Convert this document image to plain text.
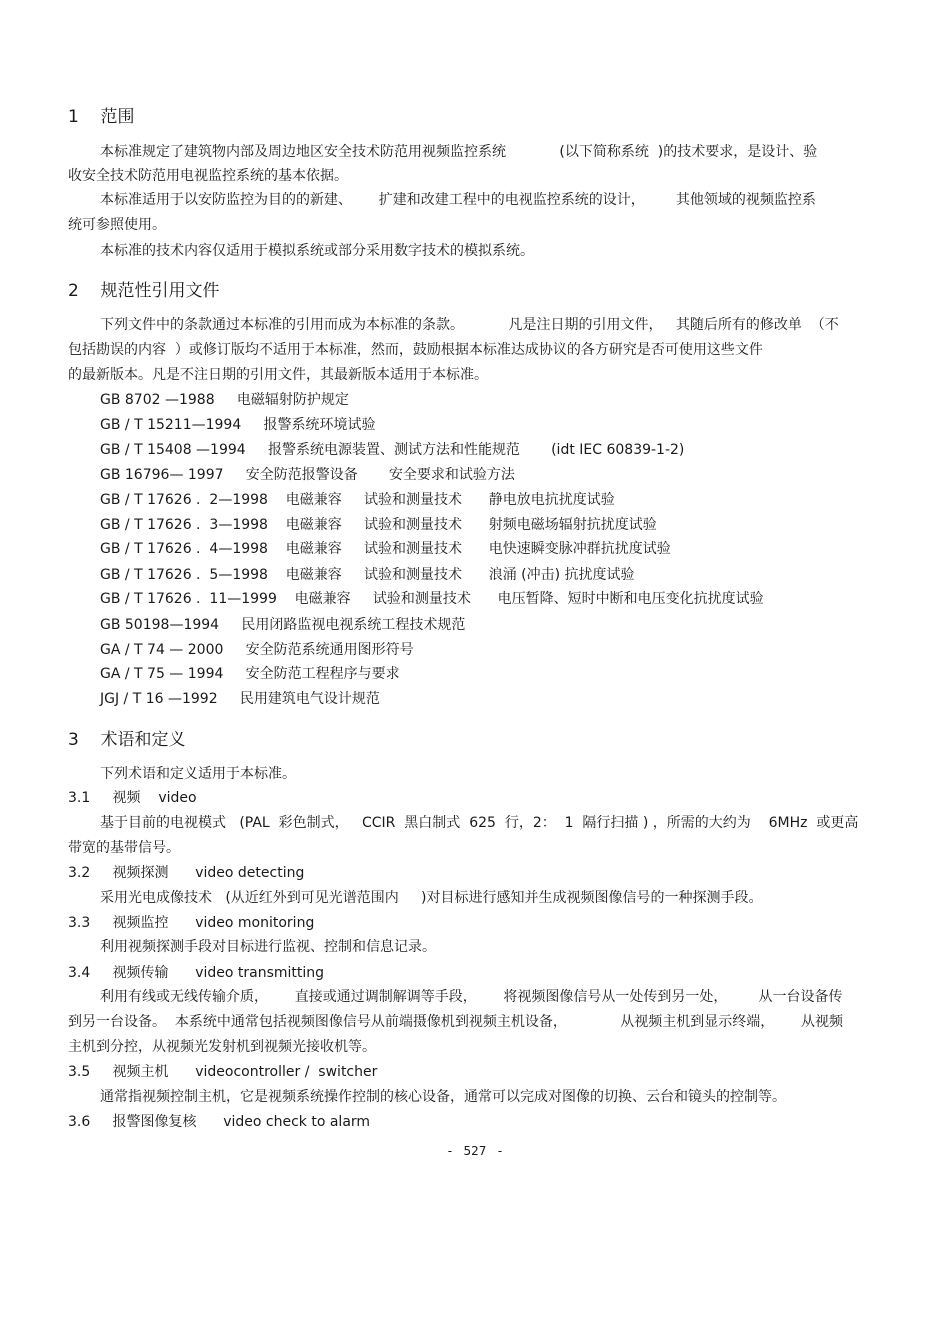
1 范围
本标准规定了建筑物内部及周边地区安全技术防范用视频监控系统            (以下简称系统  )的技术要求，是设计、验
收安全技术防范用电视监控系统的基本依据。
本标准适用于以安防监控为目的的新建、      扩建和改建工程中的电视监控系统的设计，       其他领域的视频监控系
统可参照使用。
本标准的技术内容仅适用于模拟系统或部分采用数字技术的模拟系统。
2 规范性引用文件
下列文件中的条款通过本标准的引用而成为本标准的条款。          凡是注日期的引用文件，   其随后所有的修改单  （不
包括勘误的内容  ）或修订版均不适用于本标准，然而，鼓励根据本标准达成协议的各方研究是否可使用这些文件
的最新版本。凡是不注日期的引用文件，其最新版本适用于本标准。
GB 8702 —1988     电磁辐射防护规定
GB / T 15211—1994     报警系统环境试验
GB / T 15408 —1994     报警系统电源装置、测试方法和性能规范       (idt IEC 60839-1-2)
GB 16796— 1997     安全防范报警设备       安全要求和试验方法
GB / T 17626 .  2—1998    电磁兼容     试验和测量技术      静电放电抗扰度试验
GB / T 17626 .  3—1998    电磁兼容     试验和测量技术      射频电磁场辐射抗扰度试验
GB / T 17626 .  4—1998    电磁兼容     试验和测量技术      电快速瞬变脉冲群抗扰度试验
GB / T 17626 .  5—1998    电磁兼容     试验和测量技术      浪涌 (冲击) 抗扰度试验
GB / T 17626 .  11—1999    电磁兼容     试验和测量技术      电压暂降、短时中断和电压变化抗扰度试验
GB 50198—1994     民用闭路监视电视系统工程技术规范
GA / T 74 — 2000     安全防范系统通用图形符号
GA / T 75 — 1994     安全防范工程程序与要求
JGJ / T 16 —1992     民用建筑电气设计规范
3 术语和定义
下列术语和定义适用于本标准。
3.1     视频    video
基于目前的电视模式   (PAL  彩色制式，   CCIR  黑白制式  625  行，2：  1  隔行扫描 ) ，所需的大约为    6MHz  或更高
带宽的基带信号。
3.2     视频探测      video detecting
采用光电成像技术   (从近红外到可见光谱范围内     )对目标进行感知并生成视频图像信号的一种探测手段。
3.3     视频监控      video monitoring
利用视频探测手段对目标进行监视、控制和信息记录。
3.4     视频传输      video transmitting
利用有线或无线传输介质，      直接或通过调制解调等手段，      将视频图像信号从一处传到另一处，       从一台设备传
到另一台设备。  本系统中通常包括视频图像信号从前端摄像机到视频主机设备，            从视频主机到显示终端，      从视频
主机到分控，从视频光发射机到视频光接收机等。
3.5     视频主机      videocontroller /  switcher
通常指视频控制主机，它是视频系统操作控制的核心设备，通常可以完成对图像的切换、云台和镜头的控制等。
3.6     报警图像复核      video check to alarm
-   527   -
